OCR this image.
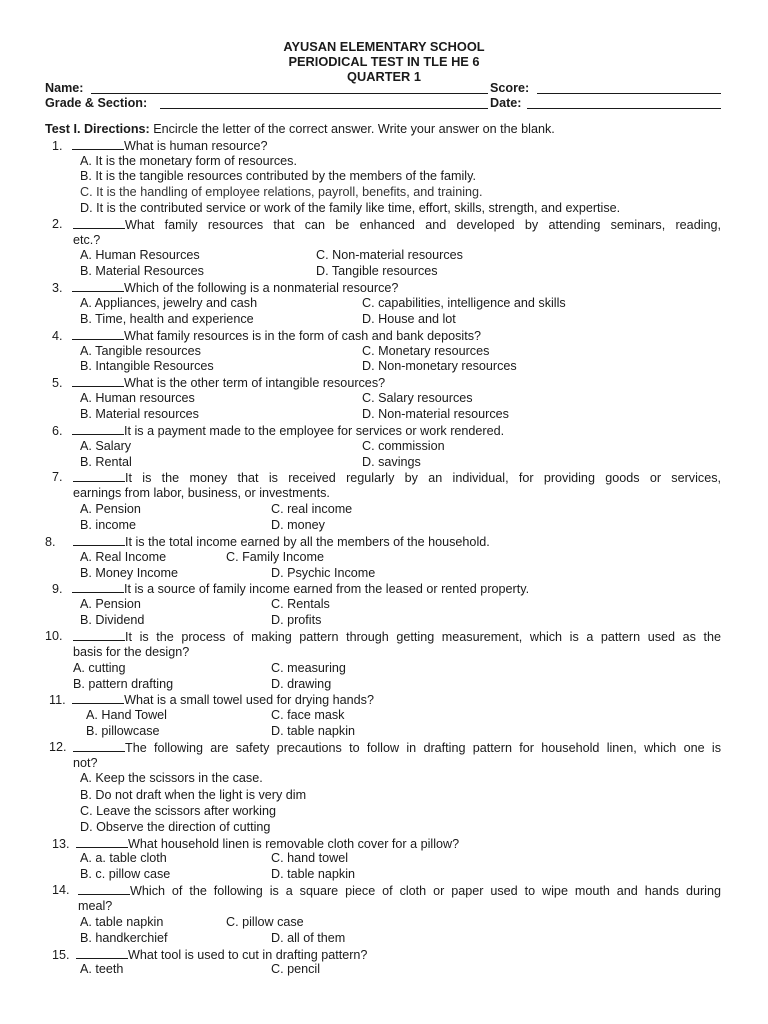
AYUSAN ELEMENTARY SCHOOL
PERIODICAL TEST IN TLE HE 6
QUARTER 1
Name:	Score:
Grade & Section:	Date:
Test I. Directions: Encircle the letter of the correct answer. Write your answer on the blank.
1.	What is human resource?
A. It is the monetary form of resources.
B. It is the tangible resources contributed by the members of the family.
C. It is the handling of employee relations, payroll, benefits, and training.
D. It is the contributed service or work of the family like time, effort, skills, strength, and expertise.
2.	What family resources that can be enhanced and developed by attending seminars, reading,
etc.?
A. Human Resources	C. Non-material resources
B. Material Resources	D. Tangible resources
3.	Which of the following is a nonmaterial resource?
A. Appliances, jewelry and cash	C. capabilities, intelligence and skills
B. Time, health and experience	D. House and lot
4.	What family resources is in the form of cash and bank deposits?
A. Tangible resources	C. Monetary resources
B. Intangible Resources	D. Non-monetary resources
5.	What is the other term of intangible resources?
A. Human resources	C. Salary resources
B. Material resources	D. Non-material resources
6.	It is a payment made to the employee for services or work rendered.
A. Salary	C. commission
B. Rental	D. savings
7.	It is the money that is received regularly by an individual, for providing goods or services,
earnings from labor, business, or investments.
A. Pension	C. real income
B. income	D. money
8.	It is the total income earned by all the members of the household.
A. Real Income	C. Family Income
B. Money Income	D. Psychic Income
9.	It is a source of family income earned from the leased or rented property.
A. Pension	C. Rentals
B. Dividend	D. profits
10.	It is the process of making pattern through getting measurement, which is a pattern used as the
basis for the design?
A. cutting	C. measuring
B. pattern drafting	D. drawing
11.	What is a small towel used for drying hands?
A. Hand Towel	C. face mask
B. pillowcase	D. table napkin
12.	The following are safety precautions to follow in drafting pattern for household linen, which one is
not?
A. Keep the scissors in the case.
B. Do not draft when the light is very dim
C. Leave the scissors after working
D. Observe the direction of cutting
13.	What household linen is removable cloth cover for a pillow?
A. a. table cloth	C. hand towel
B. c. pillow case	D. table napkin
14.	Which of the following is a square piece of cloth or paper used to wipe mouth and hands during
meal?
A. table napkin	C. pillow case
B. handkerchief	D. all of them
15.	What tool is used to cut in drafting pattern?
A. teeth	C. pencil
